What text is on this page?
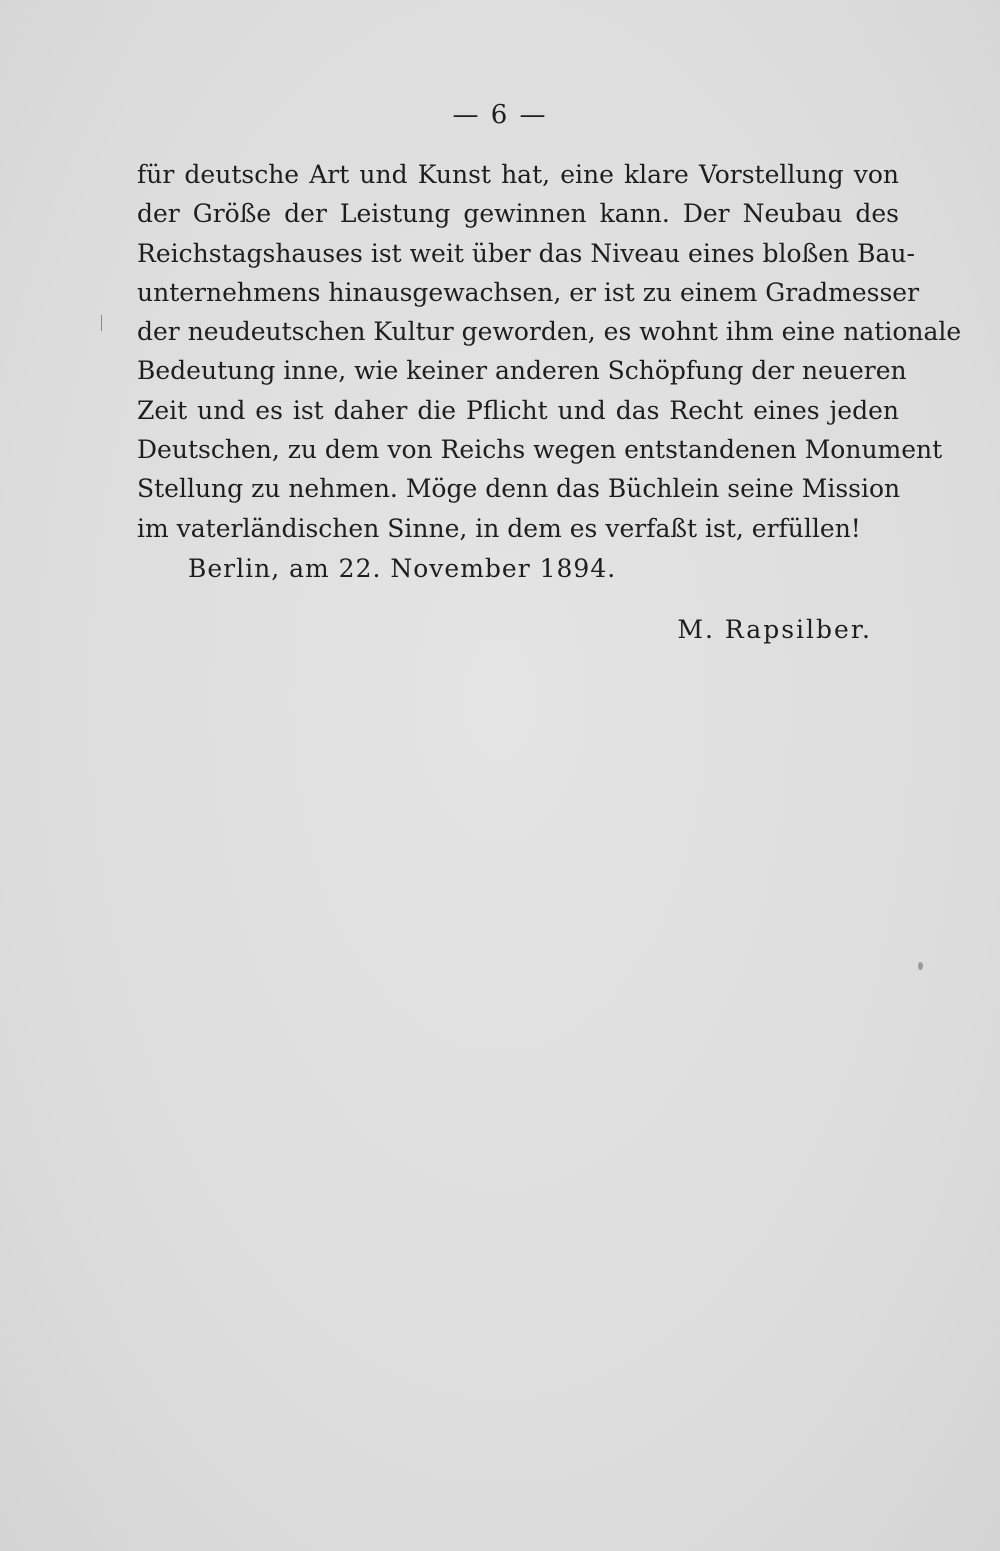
— 6 —
für deutsche Art und Kunst hat, eine klare Vorstellung von
der Größe der Leistung gewinnen kann. Der Neubau des
Reichstagshauses ist weit über das Niveau eines bloßen Bau-
unternehmens hinausgewachsen, er ist zu einem Gradmesser
der neudeutschen Kultur geworden, es wohnt ihm eine nationale
Bedeutung inne, wie keiner anderen Schöpfung der neueren
Zeit und es ist daher die Pflicht und das Recht eines jeden
Deutschen, zu dem von Reichs wegen entstandenen Monument
Stellung zu nehmen. Möge denn das Büchlein seine Mission
im vaterländischen Sinne, in dem es verfaßt ist, erfüllen!
Berlin, am 22. November 1894.
M. Rapsilber.
